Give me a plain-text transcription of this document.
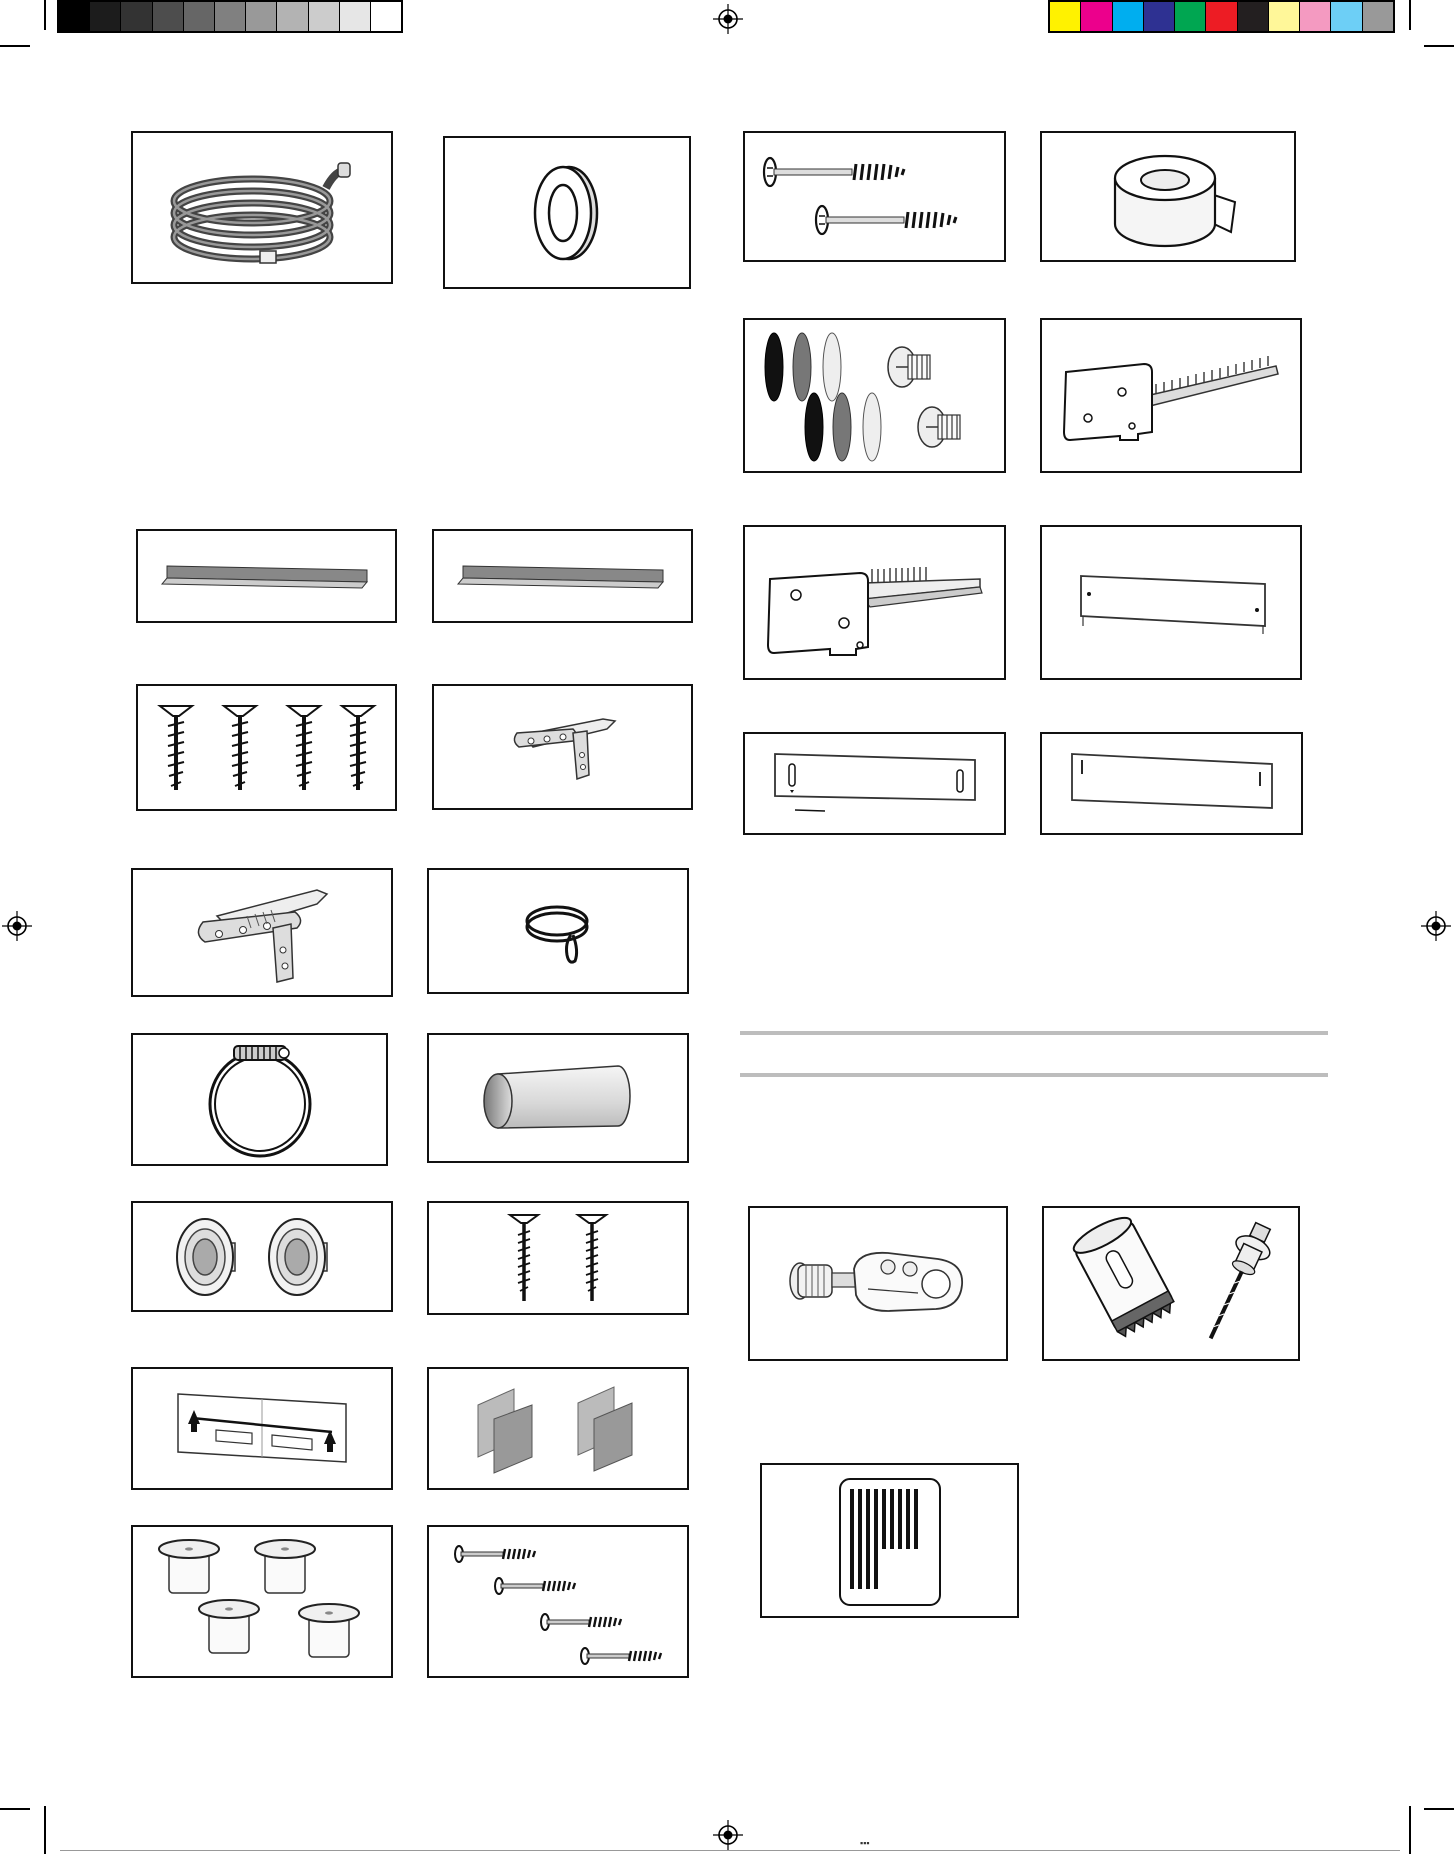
▪▪▪
